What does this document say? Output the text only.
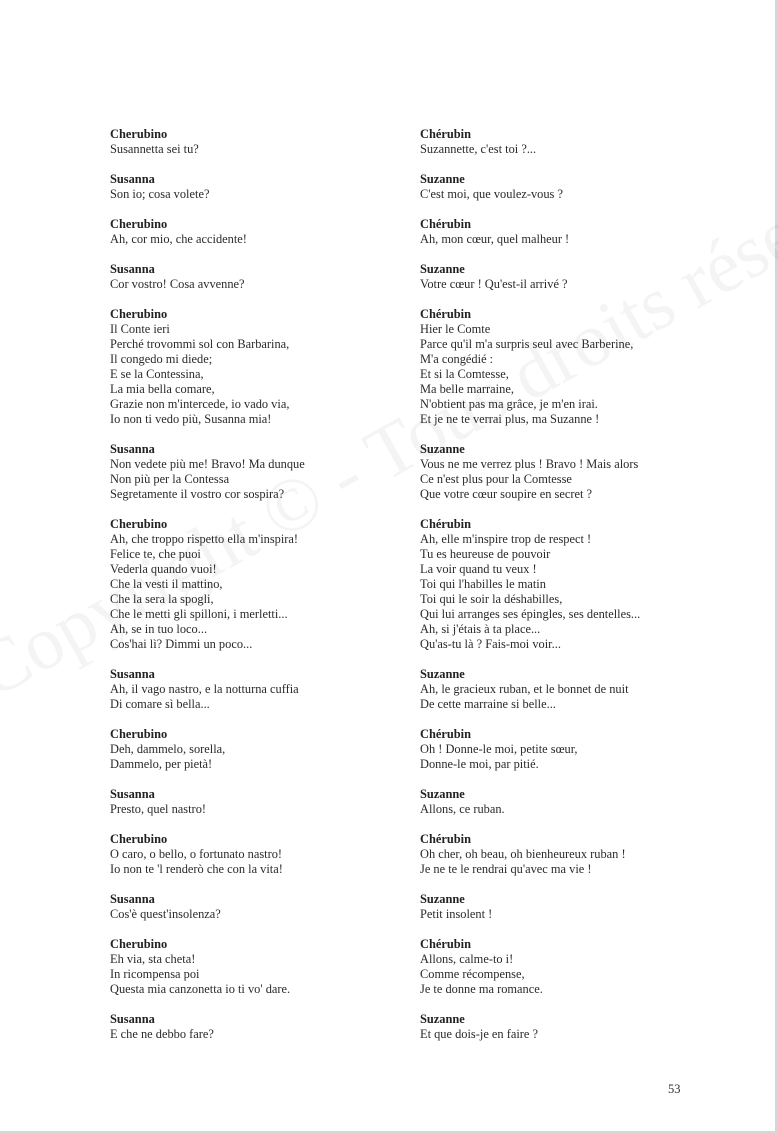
Cherubino

Susannetta sei tu?

Susanna

Son io; cosa volete?

Cherubino

Ah, cor mio, che accidente!

Susanna

Cor vostro! Cosa avvenne?

Cherubino

Il Conte ieri

Perché trovommi sol con Barbarina,

Il congedo mi diede;

E se la Contessina,

La mia bella comare,

Grazie non m'intercede, io vado via,

Io non ti vedo più, Susanna mia!

Susanna

Non vedete più me! Bravo! Ma dunque

Non più per la Contessa

Segretamente il vostro cor sospira?

Cherubino

Ah, che troppo rispetto ella m'inspira!

Felice te, che puoi

Vederla quando vuoi!

Che la vesti il mattino,

Che la sera la spogli,

Che le metti gli spilloni, i merletti...

Ah, se in tuo loco...

Cos'hai lì? Dimmi un poco...

Susanna

Ah, il vago nastro, e la notturna cuffia

Di comare sì bella...

Cherubino

Deh, dammelo, sorella,

Dammelo, per pietà!

Susanna

Presto, quel nastro!

Cherubino

O caro, o bello, o fortunato nastro!

Io non te 'l renderò che con la vita!

Susanna

Cos'è quest'insolenza?

Cherubino

Eh via, sta cheta!

In ricompensa poi

Questa mia canzonetta io ti vo' dare.

Susanna

E che ne debbo fare?

Chérubin

Suzannette, c'est toi ?...

Suzanne

C'est moi, que voulez-vous ?

Chérubin

Ah, mon cœur, quel malheur !

Suzanne

Votre cœur ! Qu'est-il arrivé ?

Chérubin

Hier le Comte

Parce qu'il m'a surpris seul avec Barberine,

M'a congédié :

Et si la Comtesse,

Ma belle marraine,

N'obtient pas ma grâce, je m'en irai.

Et je ne te verrai plus, ma Suzanne !

Suzanne

Vous ne me verrez plus ! Bravo ! Mais alors

Ce n'est plus pour la Comtesse

Que votre cœur soupire en secret ?

Chérubin

Ah, elle m'inspire trop de respect !

Tu es heureuse de pouvoir

La voir quand tu veux !

Toi qui l'habilles le matin

Toi qui le soir la déshabilles,

Qui lui arranges ses épingles, ses dentelles...

Ah, si j'étais à ta place...

Qu'as-tu là ? Fais-moi voir...

Suzanne

Ah, le gracieux ruban, et le bonnet de nuit

De cette marraine si belle...

Chérubin

Oh ! Donne-le moi, petite sœur,

Donne-le moi, par pitié.

Suzanne

Allons, ce ruban.

Chérubin

Oh cher, oh beau, oh bienheureux ruban !

Je ne te le rendrai qu'avec ma vie !

Suzanne

Petit insolent !

Chérubin

Allons, calme-to i!

Comme récompense,

Je te donne ma romance.

Suzanne

Et que dois-je en faire ?

53
